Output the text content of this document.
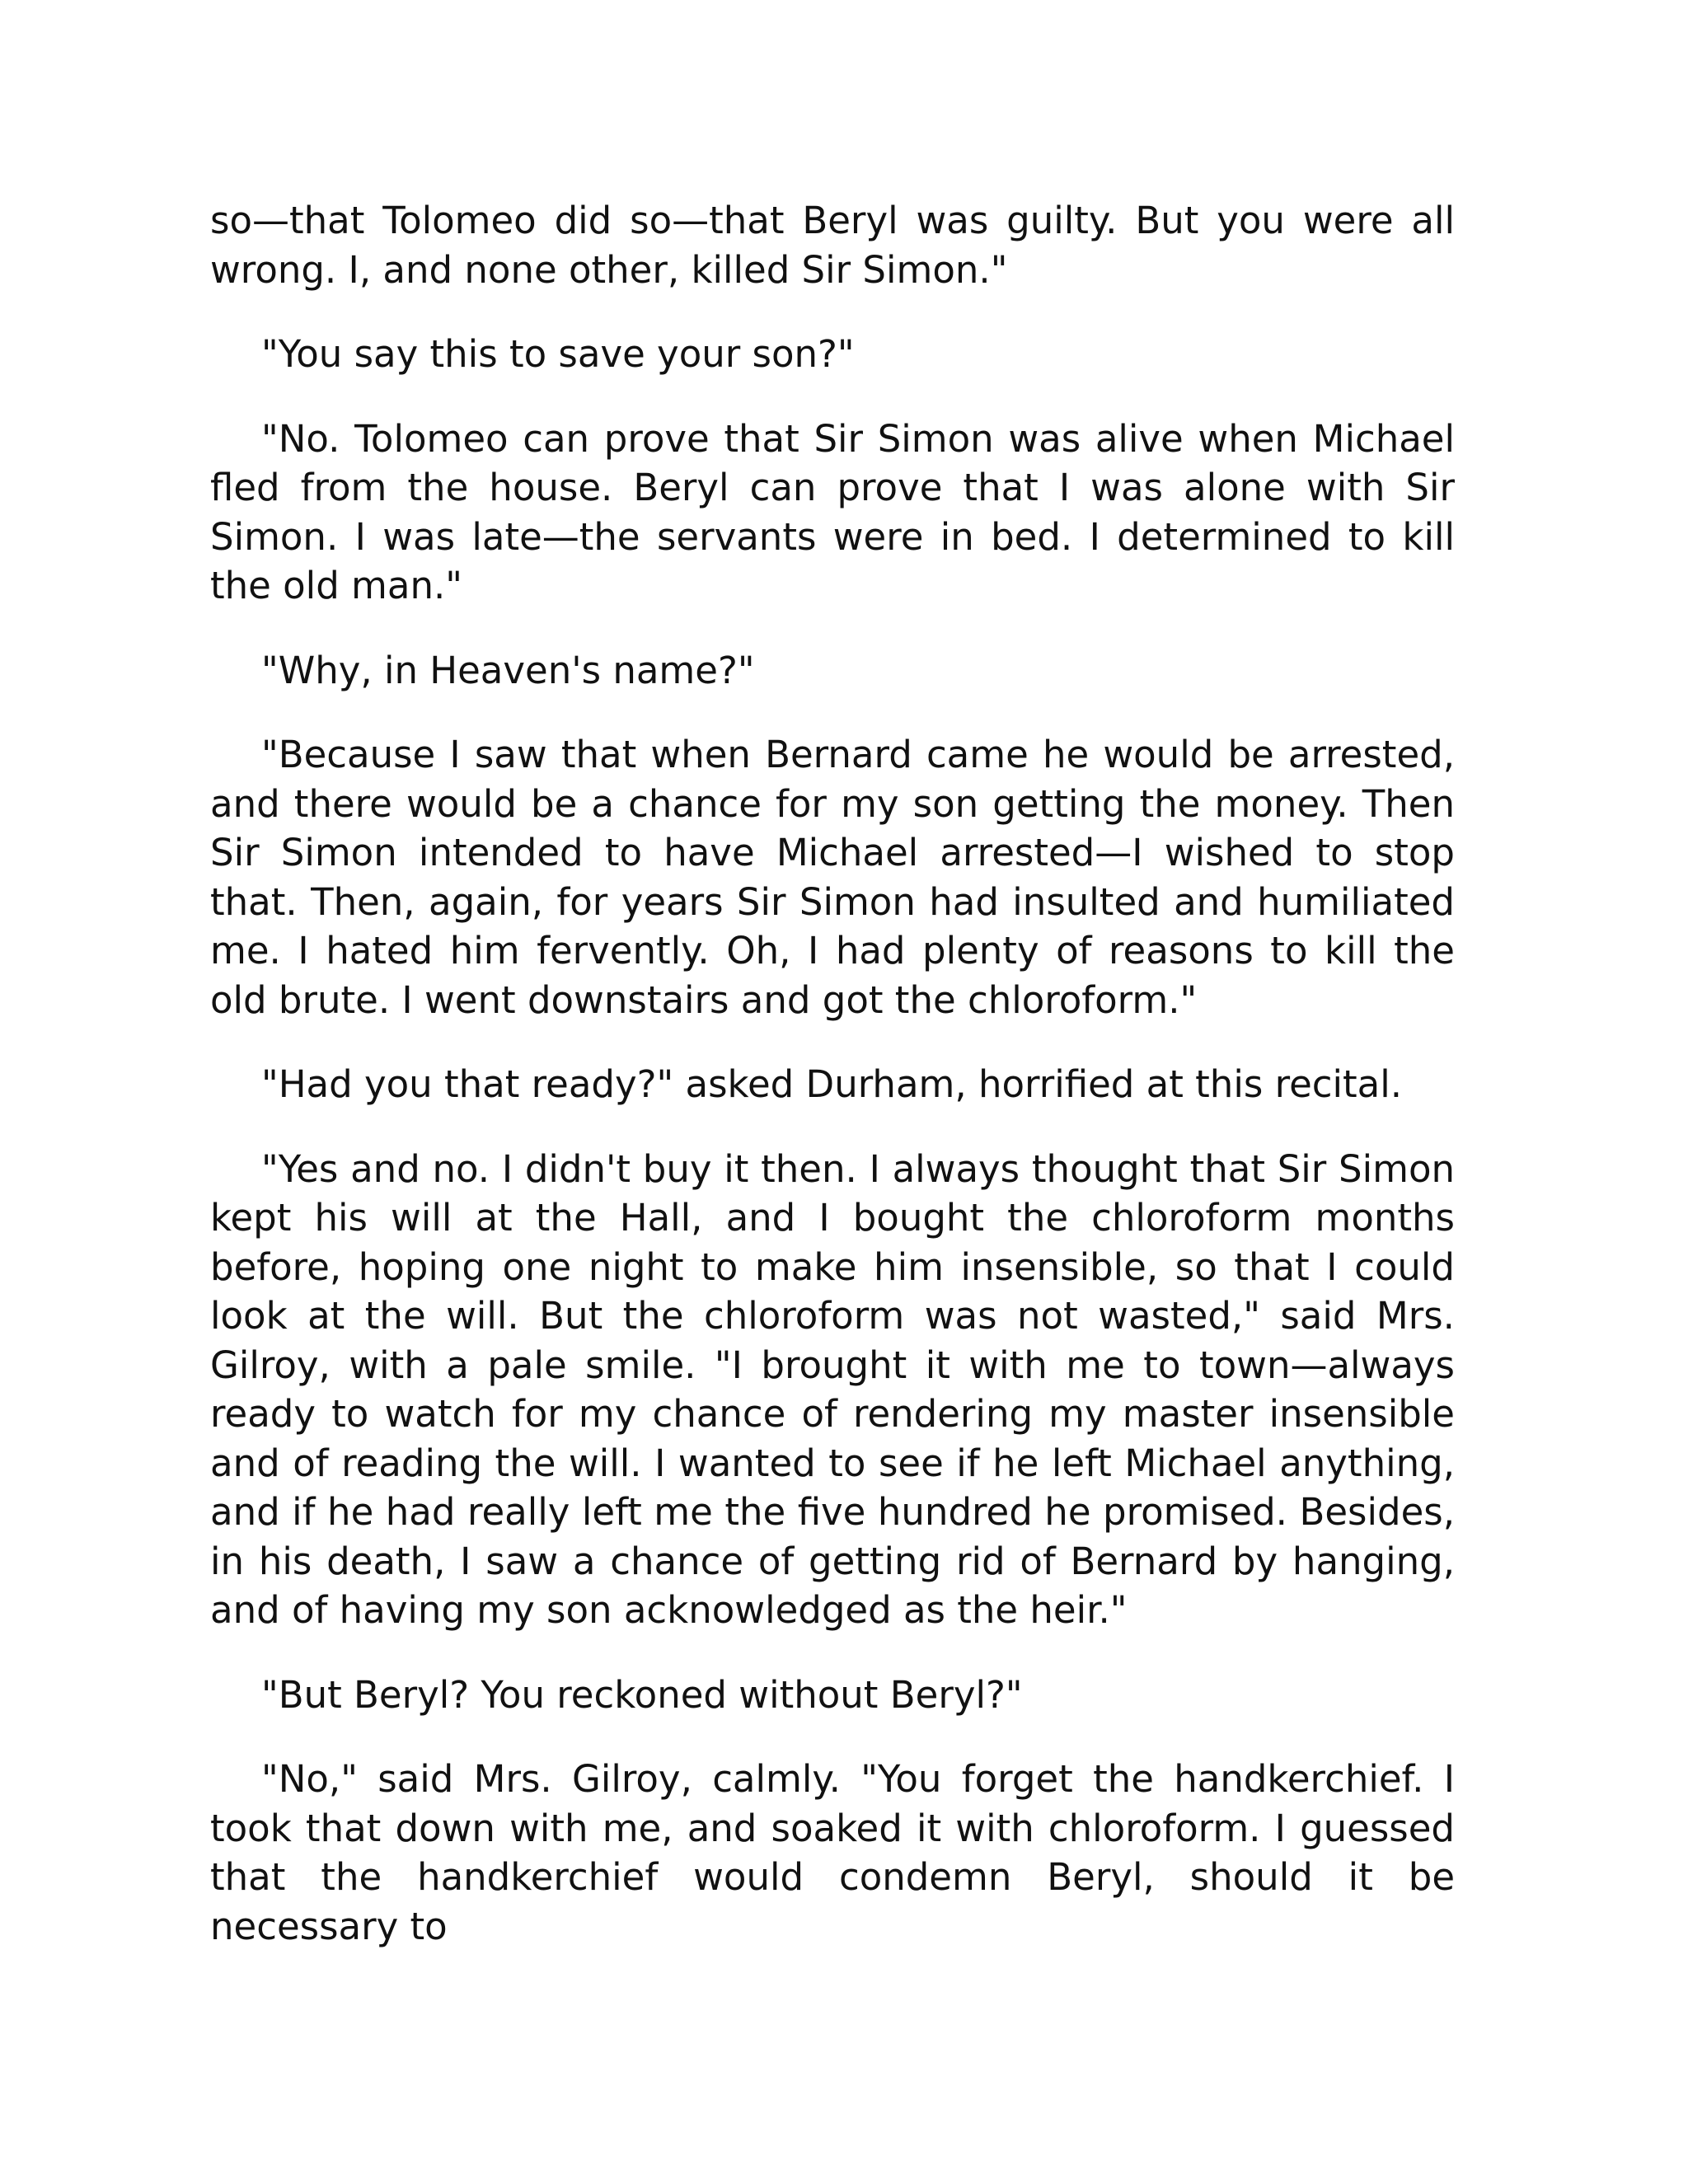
so—that Tolomeo did so—that Beryl was guilty. But you were all wrong. I, and none other, killed Sir Simon."

"You say this to save your son?"

"No. Tolomeo can prove that Sir Simon was alive when Michael fled from the house. Beryl can prove that I was alone with Sir Simon. I was late—the servants were in bed. I determined to kill the old man."

"Why, in Heaven's name?"

"Because I saw that when Bernard came he would be arrested, and there would be a chance for my son getting the money. Then Sir Simon intended to have Michael arrested—I wished to stop that. Then, again, for years Sir Simon had insulted and humiliated me. I hated him fervently. Oh, I had plenty of reasons to kill the old brute. I went downstairs and got the chloroform."

"Had you that ready?" asked Durham, horrified at this recital.

"Yes and no. I didn't buy it then. I always thought that Sir Simon kept his will at the Hall, and I bought the chloroform months before, hoping one night to make him insensible, so that I could look at the will. But the chloroform was not wasted," said Mrs. Gilroy, with a pale smile. "I brought it with me to town—always ready to watch for my chance of rendering my master insensible and of reading the will. I wanted to see if he left Michael anything, and if he had really left me the five hundred he promised. Besides, in his death, I saw a chance of getting rid of Bernard by hanging, and of having my son acknowledged as the heir."

"But Beryl? You reckoned without Beryl?"

"No," said Mrs. Gilroy, calmly. "You forget the handkerchief. I took that down with me, and soaked it with chloroform. I guessed that the handkerchief would condemn Beryl, should it be necessary to
